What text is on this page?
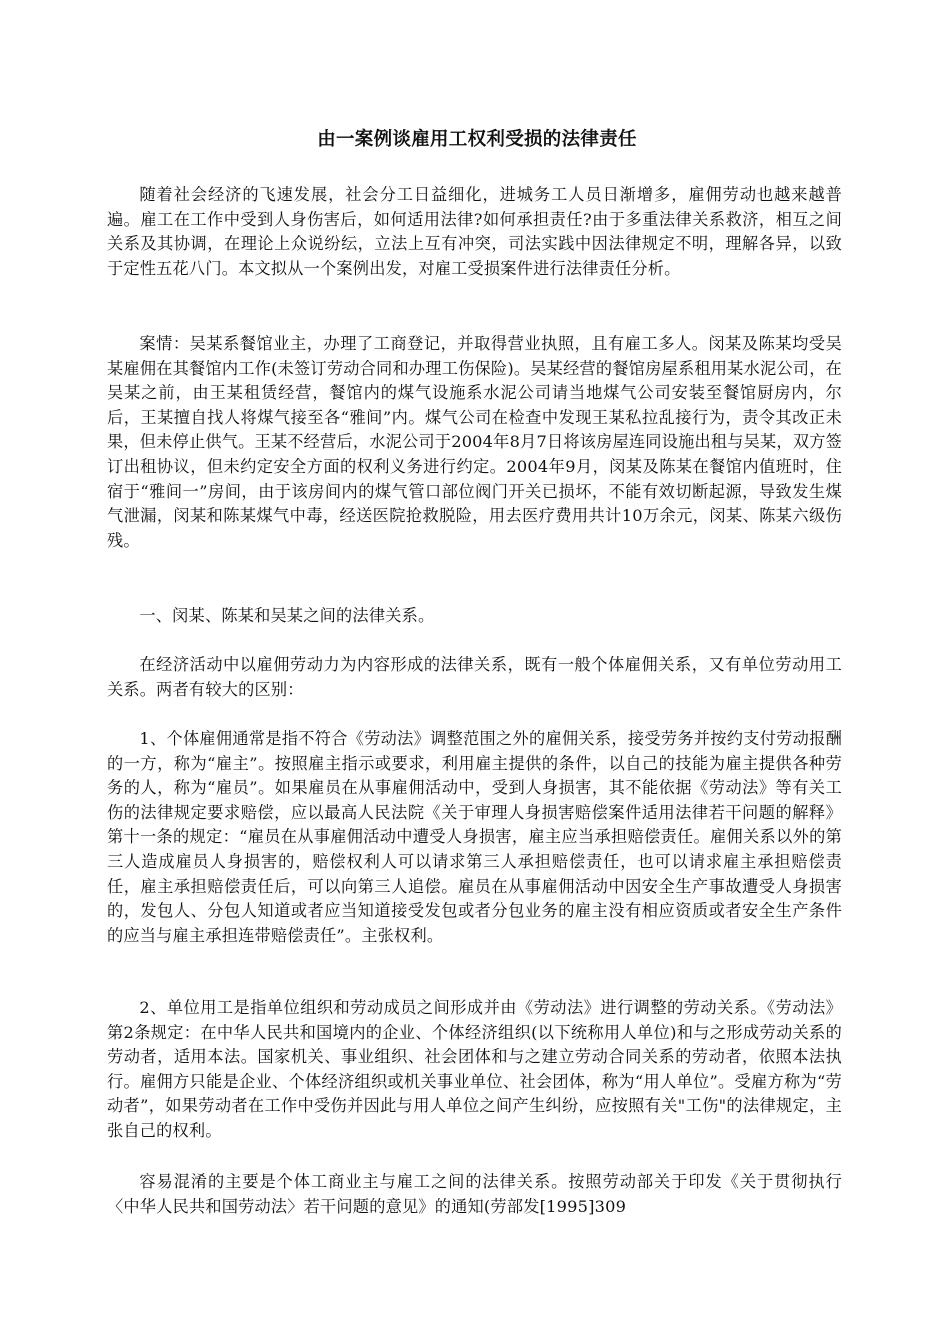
由一案例谈雇用工权利受损的法律责任

随着社会经济的飞速发展，社会分工日益细化，进城务工人员日渐增多，雇佣劳动也越来越普遍。雇工在工作中受到人身伤害后，如何适用法律?如何承担责任?由于多重法律关系救济，相互之间关系及其协调，在理论上众说纷纭，立法上互有冲突，司法实践中因法律规定不明，理解各异，以致于定性五花八门。本文拟从一个案例出发，对雇工受损案件进行法律责任分析。

案情：吴某系餐馆业主，办理了工商登记，并取得营业执照，且有雇工多人。闵某及陈某均受吴某雇佣在其餐馆内工作(未签订劳动合同和办理工伤保险)。吴某经营的餐馆房屋系租用某水泥公司，在吴某之前，由王某租赁经营，餐馆内的煤气设施系水泥公司请当地煤气公司安装至餐馆厨房内，尔后，王某擅自找人将煤气接至各“雅间”内。煤气公司在检查中发现王某私拉乱接行为，责令其改正未果，但未停止供气。王某不经营后，水泥公司于2004年8月7日将该房屋连同设施出租与吴某，双方签订出租协议，但未约定安全方面的权利义务进行约定。2004年9月，闵某及陈某在餐馆内值班时，住宿于“雅间一”房间，由于该房间内的煤气管口部位阀门开关已损坏，不能有效切断起源，导致发生煤气泄漏，闵某和陈某煤气中毒，经送医院抢救脱险，用去医疗费用共计10万余元，闵某、陈某六级伤残。

一、闵某、陈某和吴某之间的法律关系。

在经济活动中以雇佣劳动力为内容形成的法律关系，既有一般个体雇佣关系，又有单位劳动用工关系。两者有较大的区别：

1、个体雇佣通常是指不符合《劳动法》调整范围之外的雇佣关系，接受劳务并按约支付劳动报酬的一方，称为“雇主”。按照雇主指示或要求，利用雇主提供的条件，以自己的技能为雇主提供各种劳务的人，称为“雇员”。如果雇员在从事雇佣活动中，受到人身损害，其不能依据《劳动法》等有关工伤的法律规定要求赔偿，应以最高人民法院《关于审理人身损害赔偿案件适用法律若干问题的解释》第十一条的规定：“雇员在从事雇佣活动中遭受人身损害，雇主应当承担赔偿责任。雇佣关系以外的第三人造成雇员人身损害的，赔偿权利人可以请求第三人承担赔偿责任，也可以请求雇主承担赔偿责任，雇主承担赔偿责任后，可以向第三人追偿。雇员在从事雇佣活动中因安全生产事故遭受人身损害的，发包人、分包人知道或者应当知道接受发包或者分包业务的雇主没有相应资质或者安全生产条件的应当与雇主承担连带赔偿责任”。主张权利。

2、单位用工是指单位组织和劳动成员之间形成并由《劳动法》进行调整的劳动关系。《劳动法》第2条规定：在中华人民共和国境内的企业、个体经济组织(以下统称用人单位)和与之形成劳动关系的劳动者，适用本法。国家机关、事业组织、社会团体和与之建立劳动合同关系的劳动者，依照本法执行。雇佣方只能是企业、个体经济组织或机关事业单位、社会团体，称为“用人单位”。受雇方称为“劳动者”，如果劳动者在工作中受伤并因此与用人单位之间产生纠纷，应按照有关"工伤"的法律规定，主张自己的权利。

容易混淆的主要是个体工商业主与雇工之间的法律关系。按照劳动部关于印发《关于贯彻执行〈中华人民共和国劳动法〉若干问题的意见》的通知(劳部发[1995]309
